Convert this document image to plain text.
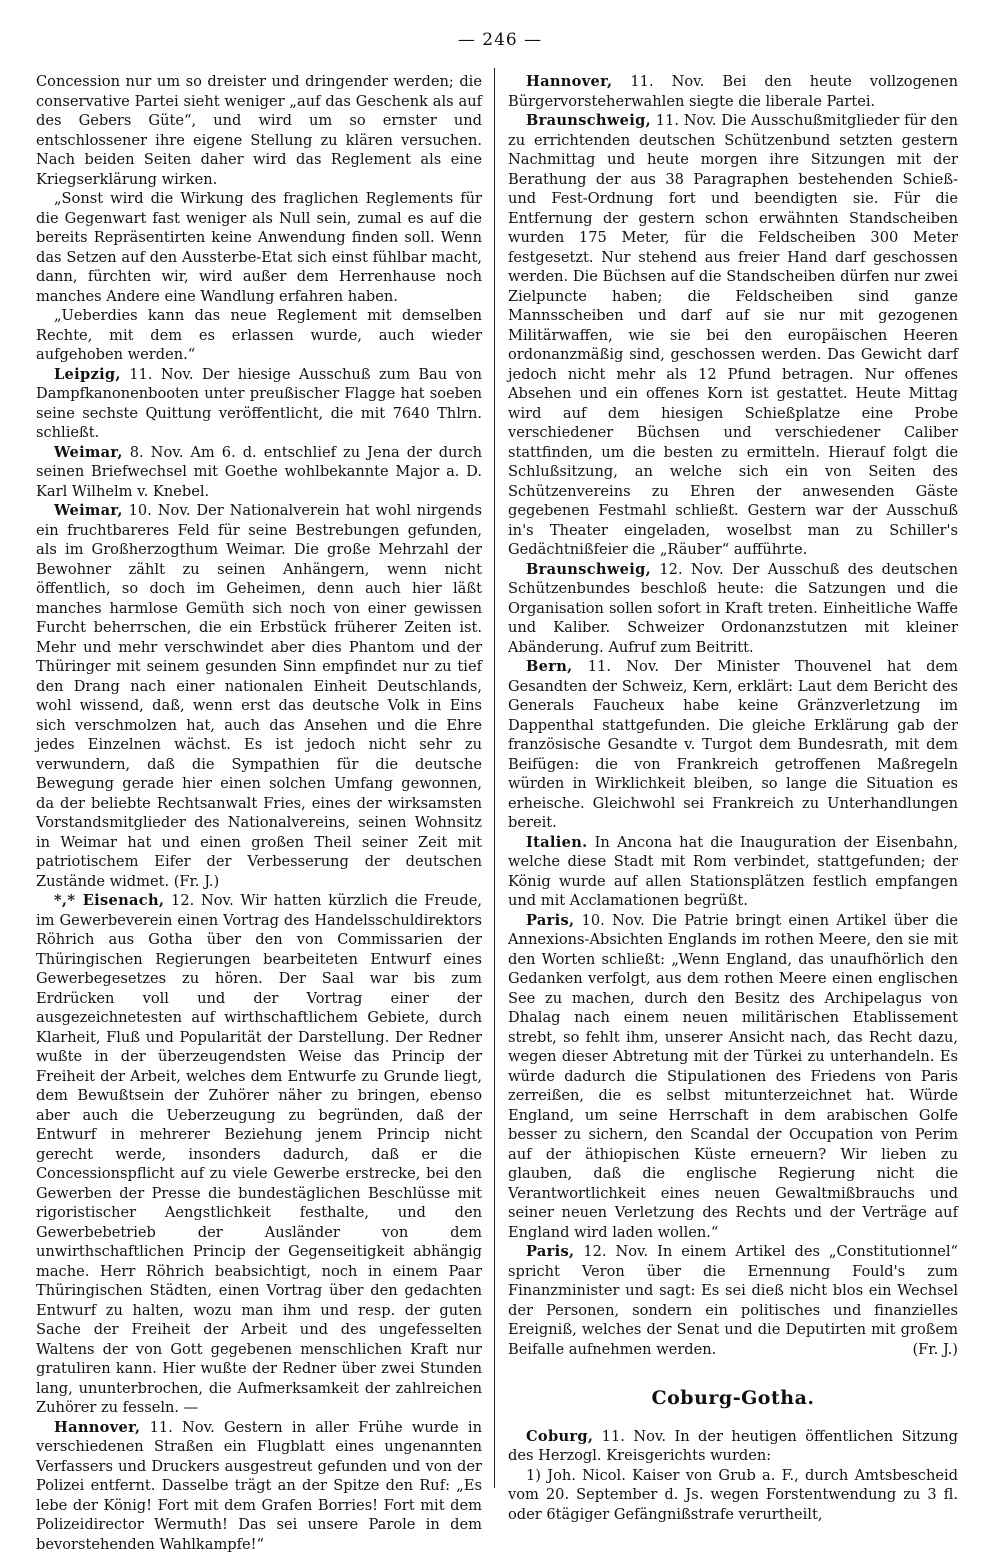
— 246 —

Concession nur um so dreister und dringender werden; die conservative Partei sieht weniger „auf das Geschenk als auf des Gebers Güte“, und wird um so ernster und entschlossener ihre eigene Stellung zu klären versuchen. Nach beiden Seiten daher wird das Reglement als eine Kriegserklärung wirken.

„Sonst wird die Wirkung des fraglichen Reglements für die Gegenwart fast weniger als Null sein, zumal es auf die bereits Repräsentirten keine Anwendung finden soll. Wenn das Setzen auf den Aussterbe-Etat sich einst fühlbar macht, dann, fürchten wir, wird außer dem Herrenhause noch manches Andere eine Wandlung erfahren haben.

„Ueberdies kann das neue Reglement mit demselben Rechte, mit dem es erlassen wurde, auch wieder aufgehoben werden.“

Leipzig, 11. Nov. Der hiesige Ausschuß zum Bau von Dampfkanonenbooten unter preußischer Flagge hat soeben seine sechste Quittung veröffentlicht, die mit 7640 Thlrn. schließt.

Weimar, 8. Nov. Am 6. d. entschlief zu Jena der durch seinen Briefwechsel mit Goethe wohlbekannte Major a. D. Karl Wilhelm v. Knebel.

Weimar, 10. Nov. Der Nationalverein hat wohl nirgends ein fruchtbareres Feld für seine Bestrebungen gefunden, als im Großherzogthum Weimar. Die große Mehrzahl der Bewohner zählt zu seinen Anhängern, wenn nicht öffentlich, so doch im Geheimen, denn auch hier läßt manches harmlose Gemüth sich noch von einer gewissen Furcht beherrschen, die ein Erbstück früherer Zeiten ist. Mehr und mehr verschwindet aber dies Phantom und der Thüringer mit seinem gesunden Sinn empfindet nur zu tief den Drang nach einer nationalen Einheit Deutschlands, wohl wissend, daß, wenn erst das deutsche Volk in Eins sich verschmolzen hat, auch das Ansehen und die Ehre jedes Einzelnen wächst. Es ist jedoch nicht sehr zu verwundern, daß die Sympathien für die deutsche Bewegung gerade hier einen solchen Umfang gewonnen, da der beliebte Rechtsanwalt Fries, eines der wirksamsten Vorstandsmitglieder des Nationalvereins, seinen Wohnsitz in Weimar hat und einen großen Theil seiner Zeit mit patriotischem Eifer der Verbesserung der deutschen Zustände widmet. (Fr. J.)

*,* Eisenach, 12. Nov. Wir hatten kürzlich die Freude, im Gewerbeverein einen Vortrag des Handelsschuldirektors Röhrich aus Gotha über den von Commissarien der Thüringischen Regierungen bearbeiteten Entwurf eines Gewerbegesetzes zu hören. Der Saal war bis zum Erdrücken voll und der Vortrag einer der ausgezeichnetesten auf wirthschaftlichem Gebiete, durch Klarheit, Fluß und Popularität der Darstellung. Der Redner wußte in der überzeugendsten Weise das Princip der Freiheit der Arbeit, welches dem Entwurfe zu Grunde liegt, dem Bewußtsein der Zuhörer näher zu bringen, ebenso aber auch die Ueberzeugung zu begründen, daß der Entwurf in mehrerer Beziehung jenem Princip nicht gerecht werde, insonders dadurch, daß er die Concessionspflicht auf zu viele Gewerbe erstrecke, bei den Gewerben der Presse die bundestäglichen Beschlüsse mit rigoristischer Aengstlichkeit festhalte, und den Gewerbebetrieb der Ausländer von dem unwirthschaftlichen Princip der Gegenseitigkeit abhängig mache. Herr Röhrich beabsichtigt, noch in einem Paar Thüringischen Städten, einen Vortrag über den gedachten Entwurf zu halten, wozu man ihm und resp. der guten Sache der Freiheit der Arbeit und des ungefesselten Waltens der von Gott gegebenen menschlichen Kraft nur gratuliren kann. Hier wußte der Redner über zwei Stunden lang, ununterbrochen, die Aufmerksamkeit der zahlreichen Zuhörer zu fesseln. —

Hannover, 11. Nov. Gestern in aller Frühe wurde in verschiedenen Straßen ein Flugblatt eines ungenannten Verfassers und Druckers ausgestreut gefunden und von der Polizei entfernt. Dasselbe trägt an der Spitze den Ruf: „Es lebe der König! Fort mit dem Grafen Borries! Fort mit dem Polizeidirector Wermuth! Das sei unsere Parole in dem bevorstehenden Wahlkampfe!“

Hannover, 11. Nov. Bei den heute vollzogenen Bürgervorsteherwahlen siegte die liberale Partei.

Braunschweig, 11. Nov. Die Ausschußmitglieder für den zu errichtenden deutschen Schützenbund setzten gestern Nachmittag und heute morgen ihre Sitzungen mit der Berathung der aus 38 Paragraphen bestehenden Schieß- und Fest-Ordnung fort und beendigten sie. Für die Entfernung der gestern schon erwähnten Standscheiben wurden 175 Meter, für die Feldscheiben 300 Meter festgesetzt. Nur stehend aus freier Hand darf geschossen werden. Die Büchsen auf die Standscheiben dürfen nur zwei Zielpuncte haben; die Feldscheiben sind ganze Mannsscheiben und darf auf sie nur mit gezogenen Militärwaffen, wie sie bei den europäischen Heeren ordonanzmäßig sind, geschossen werden. Das Gewicht darf jedoch nicht mehr als 12 Pfund betragen. Nur offenes Absehen und ein offenes Korn ist gestattet. Heute Mittag wird auf dem hiesigen Schießplatze eine Probe verschiedener Büchsen und verschiedener Caliber stattfinden, um die besten zu ermitteln. Hierauf folgt die Schlußsitzung, an welche sich ein von Seiten des Schützenvereins zu Ehren der anwesenden Gäste gegebenen Festmahl schließt. Gestern war der Ausschuß in's Theater eingeladen, woselbst man zu Schiller's Gedächtnißfeier die „Räuber“ aufführte.

Braunschweig, 12. Nov. Der Ausschuß des deutschen Schützenbundes beschloß heute: die Satzungen und die Organisation sollen sofort in Kraft treten. Einheitliche Waffe und Kaliber. Schweizer Ordonanzstutzen mit kleiner Abänderung. Aufruf zum Beitritt.

Bern, 11. Nov. Der Minister Thouvenel hat dem Gesandten der Schweiz, Kern, erklärt: Laut dem Bericht des Generals Faucheux habe keine Gränzverletzung im Dappenthal stattgefunden. Die gleiche Erklärung gab der französische Gesandte v. Turgot dem Bundesrath, mit dem Beifügen: die von Frankreich getroffenen Maßregeln würden in Wirklichkeit bleiben, so lange die Situation es erheische. Gleichwohl sei Frankreich zu Unterhandlungen bereit.

Italien. In Ancona hat die Inauguration der Eisenbahn, welche diese Stadt mit Rom verbindet, stattgefunden; der König wurde auf allen Stationsplätzen festlich empfangen und mit Acclamationen begrüßt.

Paris, 10. Nov. Die Patrie bringt einen Artikel über die Annexions-Absichten Englands im rothen Meere, den sie mit den Worten schließt: „Wenn England, das unaufhörlich den Gedanken verfolgt, aus dem rothen Meere einen englischen See zu machen, durch den Besitz des Archipelagus von Dhalag nach einem neuen militärischen Etablissement strebt, so fehlt ihm, unserer Ansicht nach, das Recht dazu, wegen dieser Abtretung mit der Türkei zu unterhandeln. Es würde dadurch die Stipulationen des Friedens von Paris zerreißen, die es selbst mitunterzeichnet hat. Würde England, um seine Herrschaft in dem arabischen Golfe besser zu sichern, den Scandal der Occupation von Perim auf der äthiopischen Küste erneuern? Wir lieben zu glauben, daß die englische Regierung nicht die Verantwortlichkeit eines neuen Gewaltmißbrauchs und seiner neuen Verletzung des Rechts und der Verträge auf England wird laden wollen.“

Paris, 12. Nov. In einem Artikel des „Constitutionnel“ spricht Veron über die Ernennung Fould's zum Finanzminister und sagt: Es sei dieß nicht blos ein Wechsel der Personen, sondern ein politisches und finanzielles Ereigniß, welches der Senat und die Deputirten mit großem Beifalle aufnehmen werden.	(Fr. J.)

Coburg-Gotha.

Coburg, 11. Nov. In der heutigen öffentlichen Sitzung des Herzogl. Kreisgerichts wurden:

1) Joh. Nicol. Kaiser von Grub a. F., durch Amtsbescheid vom 20. September d. Js. wegen Forstentwendung zu 3 fl. oder 6tägiger Gefängnißstrafe verurtheilt,
